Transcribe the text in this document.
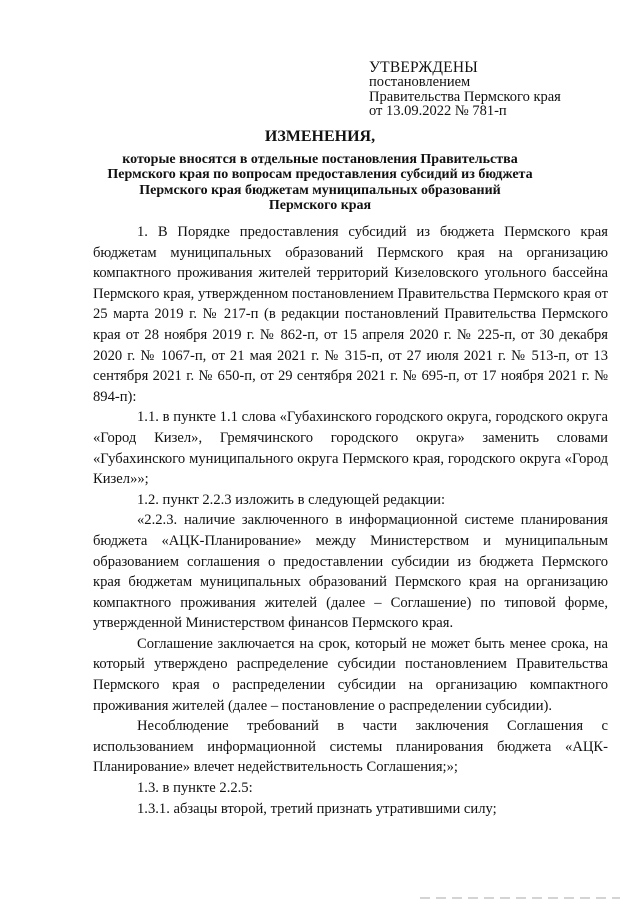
УТВЕРЖДЕНЫ
постановлением
Правительства Пермского края
от 13.09.2022 № 781-п
ИЗМЕНЕНИЯ,
которые вносятся в отдельные постановления Правительства
Пермского края по вопросам предоставления субсидий из бюджета
Пермского края бюджетам муниципальных образований
Пермского края

1. В Порядке предоставления субсидий из бюджета Пермского края бюджетам муниципальных образований Пермского края на организацию компактного проживания жителей территорий Кизеловского угольного бассейна Пермского края, утвержденном постановлением Правительства Пермского края от 25 марта 2019 г. № 217-п (в редакции постановлений Правительства Пермского края от 28 ноября 2019 г. № 862-п, от 15 апреля 2020 г. № 225-п, от 30 декабря 2020 г. № 1067-п, от 21 мая 2021 г. № 315-п, от 27 июля 2021 г. № 513-п, от 13 сентября 2021 г. № 650-п, от 29 сентября 2021 г. № 695-п, от 17 ноября 2021 г. № 894-п):

1.1. в пункте 1.1 слова «Губахинского городского округа, городского округа «Город Кизел», Гремячинского городского округа» заменить словами «Губахинского муниципального округа Пермского края, городского округа «Город Кизел»»;

1.2. пункт 2.2.3 изложить в следующей редакции:

«2.2.3. наличие заключенного в информационной системе планирования бюджета «АЦК-Планирование» между Министерством и муниципальным образованием соглашения о предоставлении субсидии из бюджета Пермского края бюджетам муниципальных образований Пермского края на организацию компактного проживания жителей (далее – Соглашение) по типовой форме, утвержденной Министерством финансов Пермского края.

Соглашение заключается на срок, который не может быть менее срока, на который утверждено распределение субсидии постановлением Правительства Пермского края о распределении субсидии на организацию компактного проживания жителей (далее – постановление о распределении субсидии).

Несоблюдение требований в части заключения Соглашения с использованием информационной системы планирования бюджета «АЦК-Планирование» влечет недействительность Соглашения;»;

1.3. в пункте 2.2.5:

1.3.1. абзацы второй, третий признать утратившими силу;
